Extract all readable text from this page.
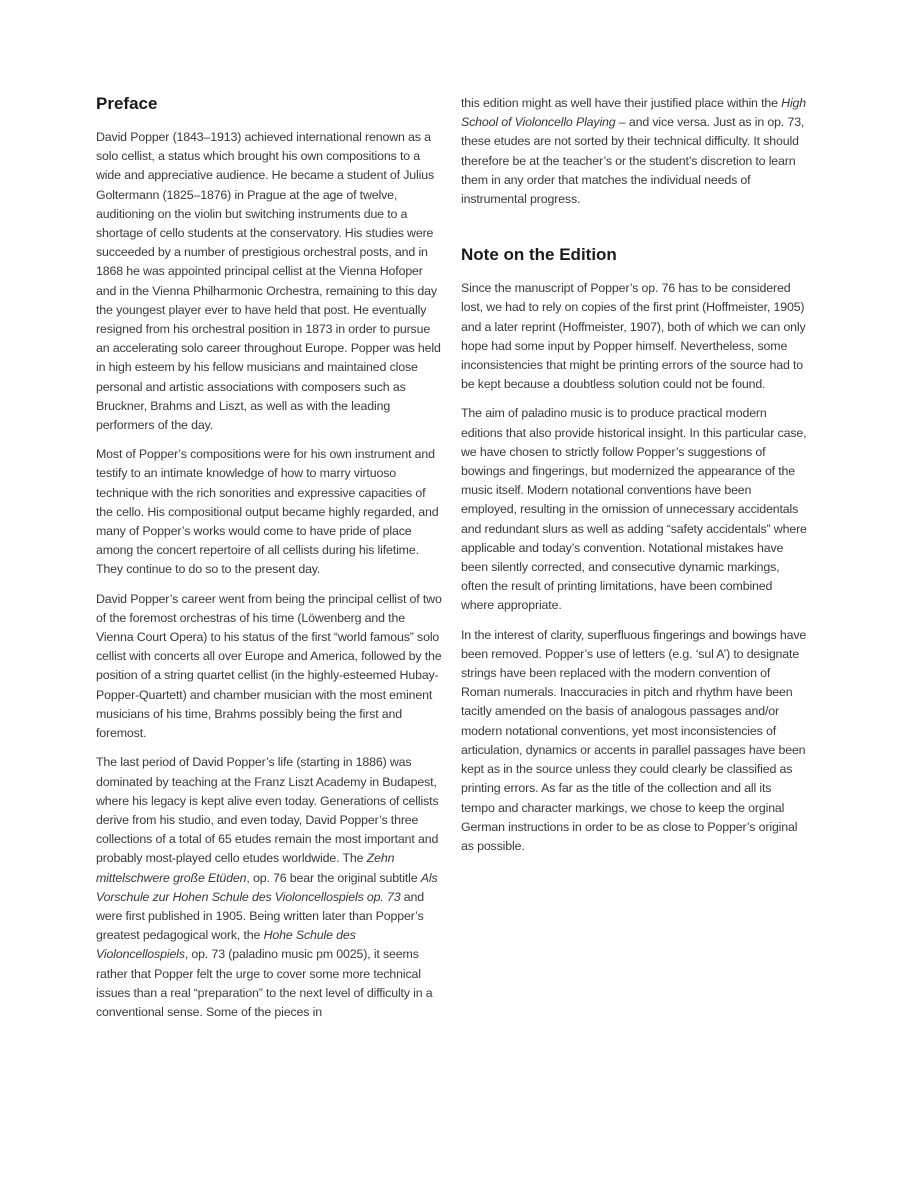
Preface

David Popper (1843–1913) achieved international renown as a solo cellist, a status which brought his own compositions to a wide and appreciative audience. He became a student of Julius Goltermann (1825–1876) in Prague at the age of twelve, auditioning on the violin but switching instruments due to a shortage of cello students at the conservatory. His studies were succeeded by a number of prestigious orchestral posts, and in 1868 he was appointed principal cellist at the Vienna Hofoper and in the Vienna Philharmonic Orchestra, remaining to this day the youngest player ever to have held that post. He eventually resigned from his orchestral position in 1873 in order to pursue an accelerating solo career throughout Europe. Popper was held in high esteem by his fellow musicians and maintained close personal and artistic associations with composers such as Bruckner, Brahms and Liszt, as well as with the leading performers of the day.

Most of Popper’s compositions were for his own instrument and testify to an intimate knowledge of how to marry virtuoso technique with the rich sonorities and expressive capacities of the cello. His compositional output became highly regarded, and many of Popper’s works would come to have pride of place among the concert repertoire of all cellists during his lifetime. They continue to do so to the present day.

David Popper’s career went from being the principal cellist of two of the foremost orchestras of his time (Löwenberg and the Vienna Court Opera) to his status of the first “world famous” solo cellist with concerts all over Europe and America, followed by the position of a string quartet cellist (in the highly-esteemed Hubay-Popper-Quartett) and chamber musician with the most eminent musicians of his time, Brahms possibly being the first and foremost.

The last period of David Popper’s life (starting in 1886) was dominated by teaching at the Franz Liszt Academy in Budapest, where his legacy is kept alive even today. Generations of cellists derive from his studio, and even today, David Popper’s three collections of a total of 65 etudes remain the most important and probably most-played cello etudes worldwide. The Zehn mittelschwere große Etüden, op. 76 bear the original subtitle Als Vorschule zur Hohen Schule des Violoncellospiels op. 73 and were first published in 1905. Being written later than Popper’s greatest pedagogical work, the Hohe Schule des Violoncellospiels, op. 73 (paladino music pm 0025), it seems rather that Popper felt the urge to cover some more technical issues than a real “preparation” to the next level of difficulty in a conventional sense. Some of the pieces in

this edition might as well have their justified place within the High School of Violoncello Playing – and vice versa. Just as in op. 73, these etudes are not sorted by their technical difficulty. It should therefore be at the teacher’s or the student’s discretion to learn them in any order that matches the individual needs of instrumental progress.

Note on the Edition

Since the manuscript of Popper’s op. 76 has to be considered lost, we had to rely on copies of the first print (Hoffmeister, 1905) and a later reprint (Hoffmeister, 1907), both of which we can only hope had some input by Popper himself. Nevertheless, some inconsistencies that might be printing errors of the source had to be kept because a doubtless solution could not be found.

The aim of paladino music is to produce practical modern editions that also provide historical insight. In this particular case, we have chosen to strictly follow Popper’s suggestions of bowings and fingerings, but modernized the appearance of the music itself. Modern notational conventions have been employed, resulting in the omission of unnecessary accidentals and redundant slurs as well as adding “safety accidentals” where applicable and today’s convention. Notational mistakes have been silently corrected, and consecutive dynamic markings, often the result of printing limitations, have been combined where appropriate.

In the interest of clarity, superfluous fingerings and bowings have been removed. Popper’s use of letters (e.g. ‘sul A’) to designate strings have been replaced with the modern convention of Roman numerals. Inaccuracies in pitch and rhythm have been tacitly amended on the basis of analogous passages and/or modern notational conventions, yet most inconsistencies of articulation, dynamics or accents in parallel passages have been kept as in the source unless they could clearly be classified as printing errors. As far as the title of the collection and all its tempo and character markings, we chose to keep the orginal German instructions in order to be as close to Popper’s original as possible.
